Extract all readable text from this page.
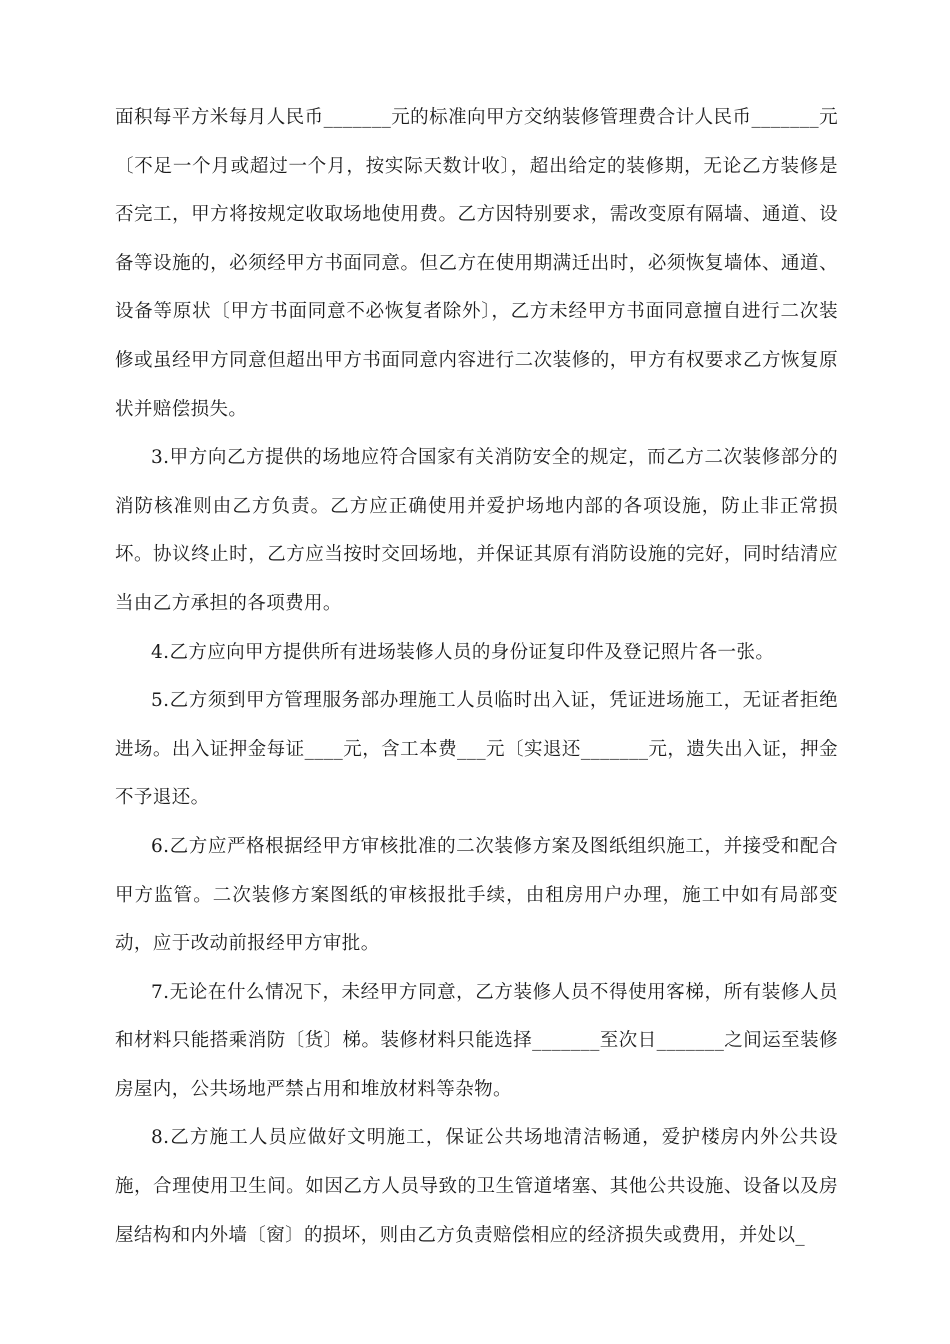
面积每平方米每月人民币_______元的标准向甲方交纳装修管理费合计人民币_______元〔不足一个月或超过一个月，按实际天数计收〕，超出给定的装修期，无论乙方装修是否完工，甲方将按规定收取场地使用费。乙方因特别要求，需改变原有隔墙、通道、设备等设施的，必须经甲方书面同意。但乙方在使用期满迁出时，必须恢复墙体、通道、设备等原状〔甲方书面同意不必恢复者除外〕，乙方未经甲方书面同意擅自进行二次装修或虽经甲方同意但超出甲方书面同意内容进行二次装修的，甲方有权要求乙方恢复原状并赔偿损失。

3.甲方向乙方提供的场地应符合国家有关消防安全的规定，而乙方二次装修部分的消防核准则由乙方负责。乙方应正确使用并爱护场地内部的各项设施，防止非正常损坏。协议终止时，乙方应当按时交回场地，并保证其原有消防设施的完好，同时结清应当由乙方承担的各项费用。

4.乙方应向甲方提供所有进场装修人员的身份证复印件及登记照片各一张。

5.乙方须到甲方管理服务部办理施工人员临时出入证，凭证进场施工，无证者拒绝进场。出入证押金每证____元，含工本费___元〔实退还_______元，遗失出入证，押金不予退还。

6.乙方应严格根据经甲方审核批准的二次装修方案及图纸组织施工，并接受和配合甲方监管。二次装修方案图纸的审核报批手续，由租房用户办理，施工中如有局部变动，应于改动前报经甲方审批。

7.无论在什么情况下，未经甲方同意，乙方装修人员不得使用客梯，所有装修人员和材料只能搭乘消防〔货〕梯。装修材料只能选择_______至次日_______之间运至装修房屋内，公共场地严禁占用和堆放材料等杂物。

8.乙方施工人员应做好文明施工，保证公共场地清洁畅通，爱护楼房内外公共设施，合理使用卫生间。如因乙方人员导致的卫生管道堵塞、其他公共设施、设备以及房屋结构和内外墙〔窗〕的损坏，则由乙方负责赔偿相应的经济损失或费用，并处以_
